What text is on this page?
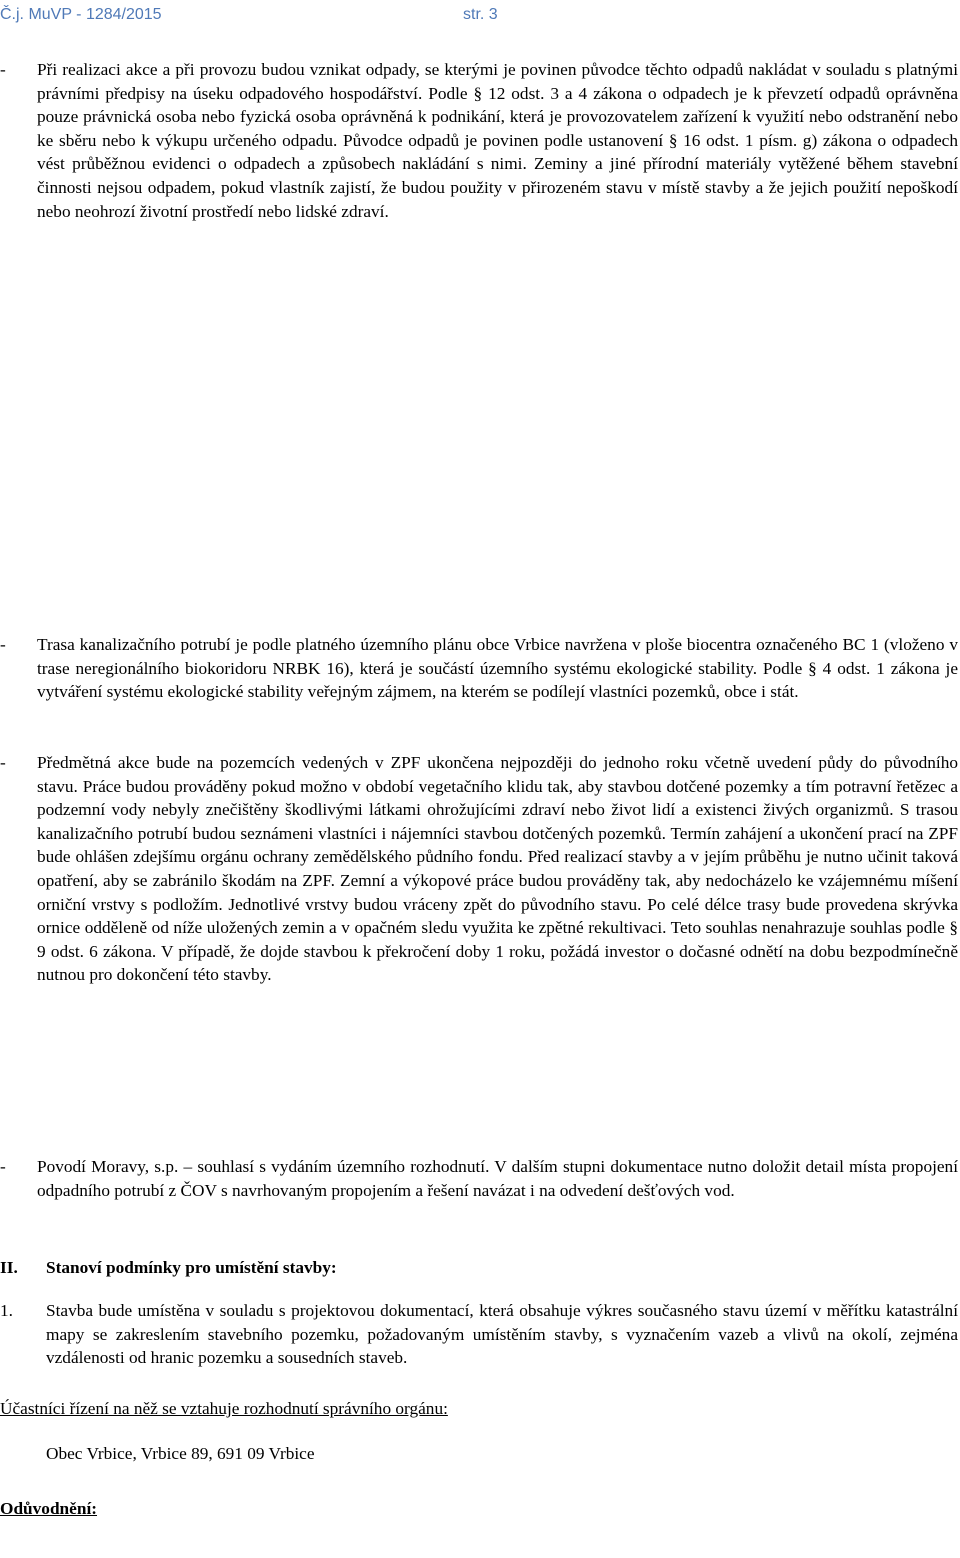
Č.j. MuVP - 1284/2015	str. 3
-	Při realizaci akce a při provozu budou vznikat odpady, se kterými je povinen původce těchto odpadů nakládat v souladu s platnými právními předpisy na úseku odpadového hospodářství. Podle § 12 odst. 3 a 4 zákona o odpadech je k převzetí odpadů oprávněna pouze právnická osoba nebo fyzická osoba oprávněná k podnikání, která je provozovatelem zařízení k využití nebo odstranění nebo ke sběru nebo k výkupu určeného odpadu. Původce odpadů je povinen podle ustanovení § 16 odst. 1 písm. g) zákona o odpadech vést průběžnou evidenci o odpadech a způsobech nakládání s nimi. Zeminy a jiné přírodní materiály vytěžené během stavební činnosti nejsou odpadem, pokud vlastník zajistí, že budou použity v přirozeném stavu v místě stavby a že jejich použití nepoškodí nebo neohrozí životní prostředí nebo lidské zdraví.

-	Trasa kanalizačního potrubí je podle platného územního plánu obce Vrbice navržena v ploše biocentra označeného BC 1 (vloženo v trase neregionálního biokoridoru NRBK 16), která je součástí územního systému ekologické stability. Podle § 4 odst. 1 zákona je vytváření systému ekologické stability veřejným zájmem, na kterém se podílejí vlastníci pozemků, obce i stát.

-	Předmětná akce bude na pozemcích vedených v ZPF ukončena nejpozději do jednoho roku včetně uvedení půdy do původního stavu. Práce budou prováděny pokud možno v období vegetačního klidu tak, aby stavbou dotčené pozemky a tím potravní řetězec a podzemní vody nebyly znečištěny škodlivými látkami ohrožujícími zdraví nebo život lidí a existenci živých organizmů. S trasou kanalizačního potrubí budou seznámeni vlastníci i nájemníci stavbou dotčených pozemků. Termín zahájení a ukončení prací na ZPF bude ohlášen zdejšímu orgánu ochrany zemědělského půdního fondu. Před realizací stavby a v jejím průběhu je nutno učinit taková opatření, aby se zabránilo škodám na ZPF. Zemní a výkopové práce budou prováděny tak, aby nedocházelo ke vzájemnému míšení orniční vrstvy s podložím. Jednotlivé vrstvy budou vráceny zpět do původního stavu. Po celé délce trasy bude provedena skrývka ornice odděleně od níže uložených zemin a v opačném sledu využita ke zpětné rekultivaci. Teto souhlas nenahrazuje souhlas podle § 9 odst. 6 zákona. V případě, že dojde stavbou k překročení doby 1 roku, požádá investor o dočasné odnětí na dobu bezpodmínečně nutnou pro dokončení této stavby.

-	Povodí Moravy, s.p. – souhlasí s vydáním územního rozhodnutí. V dalším stupni dokumentace nutno doložit detail místa propojení odpadního potrubí z ČOV s navrhovaným propojením a řešení navázat i na odvedení dešťových vod.

II. Stanoví podmínky pro umístění stavby:
1. Stavba bude umístěna v souladu s projektovou dokumentací, která obsahuje výkres současného stavu území v měřítku katastrální mapy se zakreslením stavebního pozemku, požadovaným umístěním stavby, s vyznačením vazeb a vlivů na okolí, zejména vzdálenosti od hranic pozemku a sousedních staveb.

Účastníci řízení na něž se vztahuje rozhodnutí správního orgánu:

Obec Vrbice, Vrbice 89, 691 09 Vrbice

Odůvodnění:
